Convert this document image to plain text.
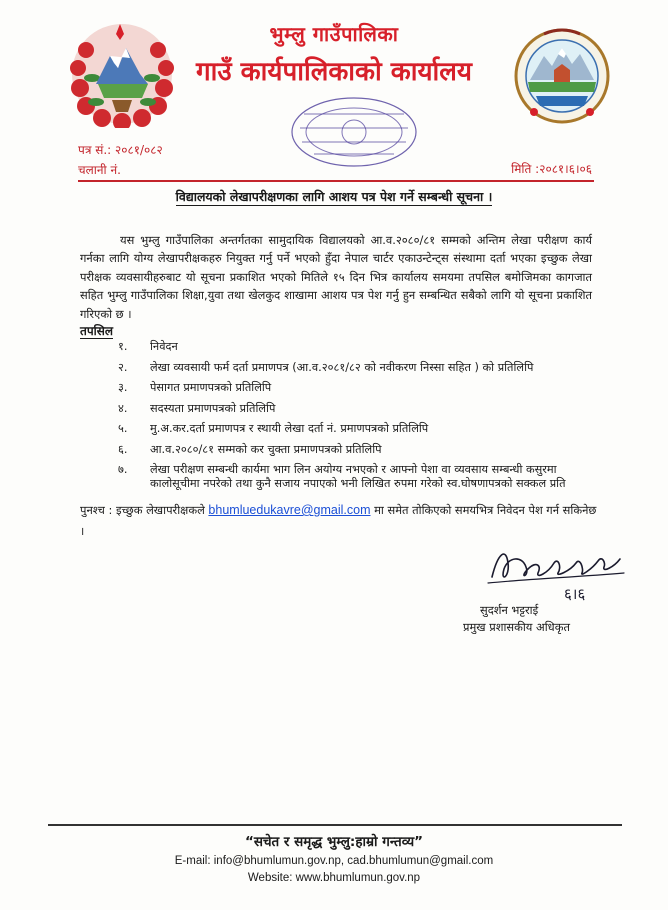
भुम्लु गाउँपालिका
गाउँ कार्यपालिकाको कार्यालय
पत्र सं.: २०८१/०८२
चलानी नं.	मिति :२०८१।६।०६
विद्यालयको लेखापरीक्षणका लागि आशय पत्र पेश गर्ने सम्बन्धी सूचना ।
यस भुम्लु गाउँपालिका अन्तर्गतका सामुदायिक विद्यालयको आ.व.२०८०/८१ सम्मको अन्तिम लेखा परीक्षण कार्य गर्नका लागि योग्य लेखापरीक्षकहरु नियुक्त गर्नु पर्ने भएको हुँदा नेपाल चार्टर एकाउन्टेन्ट्स संस्थामा दर्ता भएका इच्छुक लेखा परीक्षक व्यवसायीहरुबाट यो सूचना प्रकाशित भएको मितिले १५ दिन भित्र कार्यालय समयमा तपसिल बमोजिमका कागजात सहित भुम्लु गाउँपालिका शिक्षा,युवा तथा खेलकुद शाखामा आशय पत्र पेश गर्नु हुन सम्बन्धित सबैको लागि यो सूचना प्रकाशित गरिएको छ ।
तपसिल
१.	निवेदन
२.	लेखा व्यवसायी फर्म दर्ता प्रमाणपत्र (आ.व.२०८१/८२ को नवीकरण निस्सा सहित ) को प्रतिलिपि
३.	पेसागत प्रमाणपत्रको प्रतिलिपि
४.	सदस्यता प्रमाणपत्रको प्रतिलिपि
५.	मु.अ.कर.दर्ता प्रमाणपत्र र स्थायी लेखा दर्ता नं. प्रमाणपत्रको प्रतिलिपि
६.	आ.व.२०८०/८१ सम्मको कर चुक्ता प्रमाणपत्रको प्रतिलिपि
७.	लेखा परीक्षण सम्बन्धी कार्यमा भाग लिन अयोग्य नभएको र आफ्नो पेशा वा व्यवसाय सम्बन्धी कसुरमा कालोसूचीमा नपरेको तथा कुनै सजाय नपाएको भनी लिखित रुपमा गरेको स्व.घोषणापत्रको सक्कल प्रति
पुनश्च : इच्छुक लेखापरीक्षकले bhumluedukavre@gmail.com मा समेत तोकिएको समयभित्र निवेदन पेश गर्न सकिनेछ ।
६।६
सुदर्शन भट्टराई
प्रमुख प्रशासकीय अधिकृत
“सचेत र समृद्ध भुम्लु:हाम्रो गन्तव्य”
E-mail: info@bhumlumun.gov.np, cad.bhumlumun@gmail.com
Website: www.bhumlumun.gov.np
